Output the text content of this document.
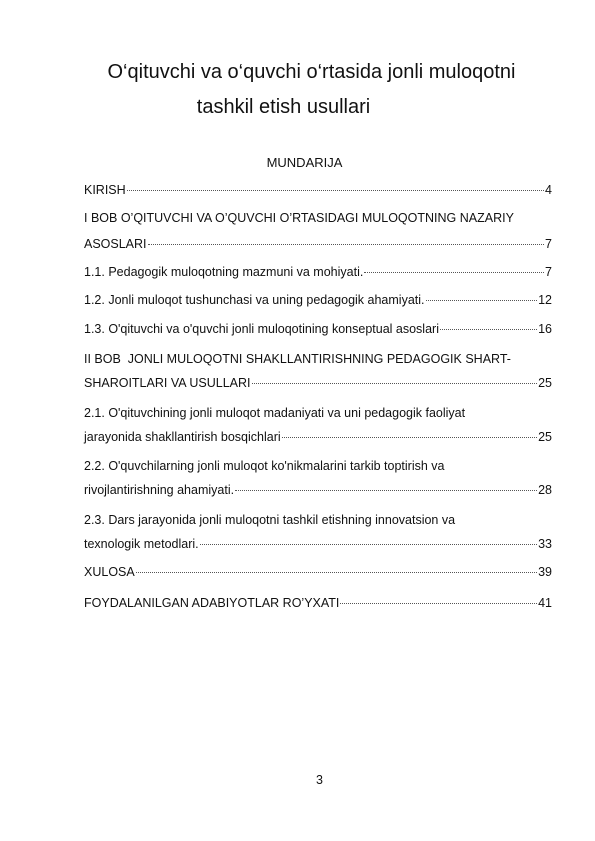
O‘qituvchi va o‘quvchi o‘rtasida jonli muloqotni
tashkil etish usullari
MUNDARIJA
KIRISH	4
I BOB O’QITUVCHI VA O’QUVCHI O’RTASIDAGI MULOQOTNING NAZARIY
ASOSLARI	7
1.1. Pedagogik muloqotning mazmuni va mohiyati.	7
1.2. Jonli muloqot tushunchasi va uning pedagogik ahamiyati.	12
1.3. O'qituvchi va o'quvchi jonli muloqotining konseptual asoslari	16
II BOB  JONLI MULOQOTNI SHAKLLANTIRISHNING PEDAGOGIK SHART-
SHAROITLARI VA USULLARI	25
2.1. O'qituvchining jonli muloqot madaniyati va uni pedagogik faoliyat
jarayonida shakllantirish bosqichlari	25
2.2. O'quvchilarning jonli muloqot ko'nikmalarini tarkib toptirish va
rivojlantirishning ahamiyati.	28
2.3. Dars jarayonida jonli muloqotni tashkil etishning innovatsion va
texnologik metodlari.	33
XULOSA	39
FOYDALANILGAN ADABIYOTLAR RO’YXATI	41
3
